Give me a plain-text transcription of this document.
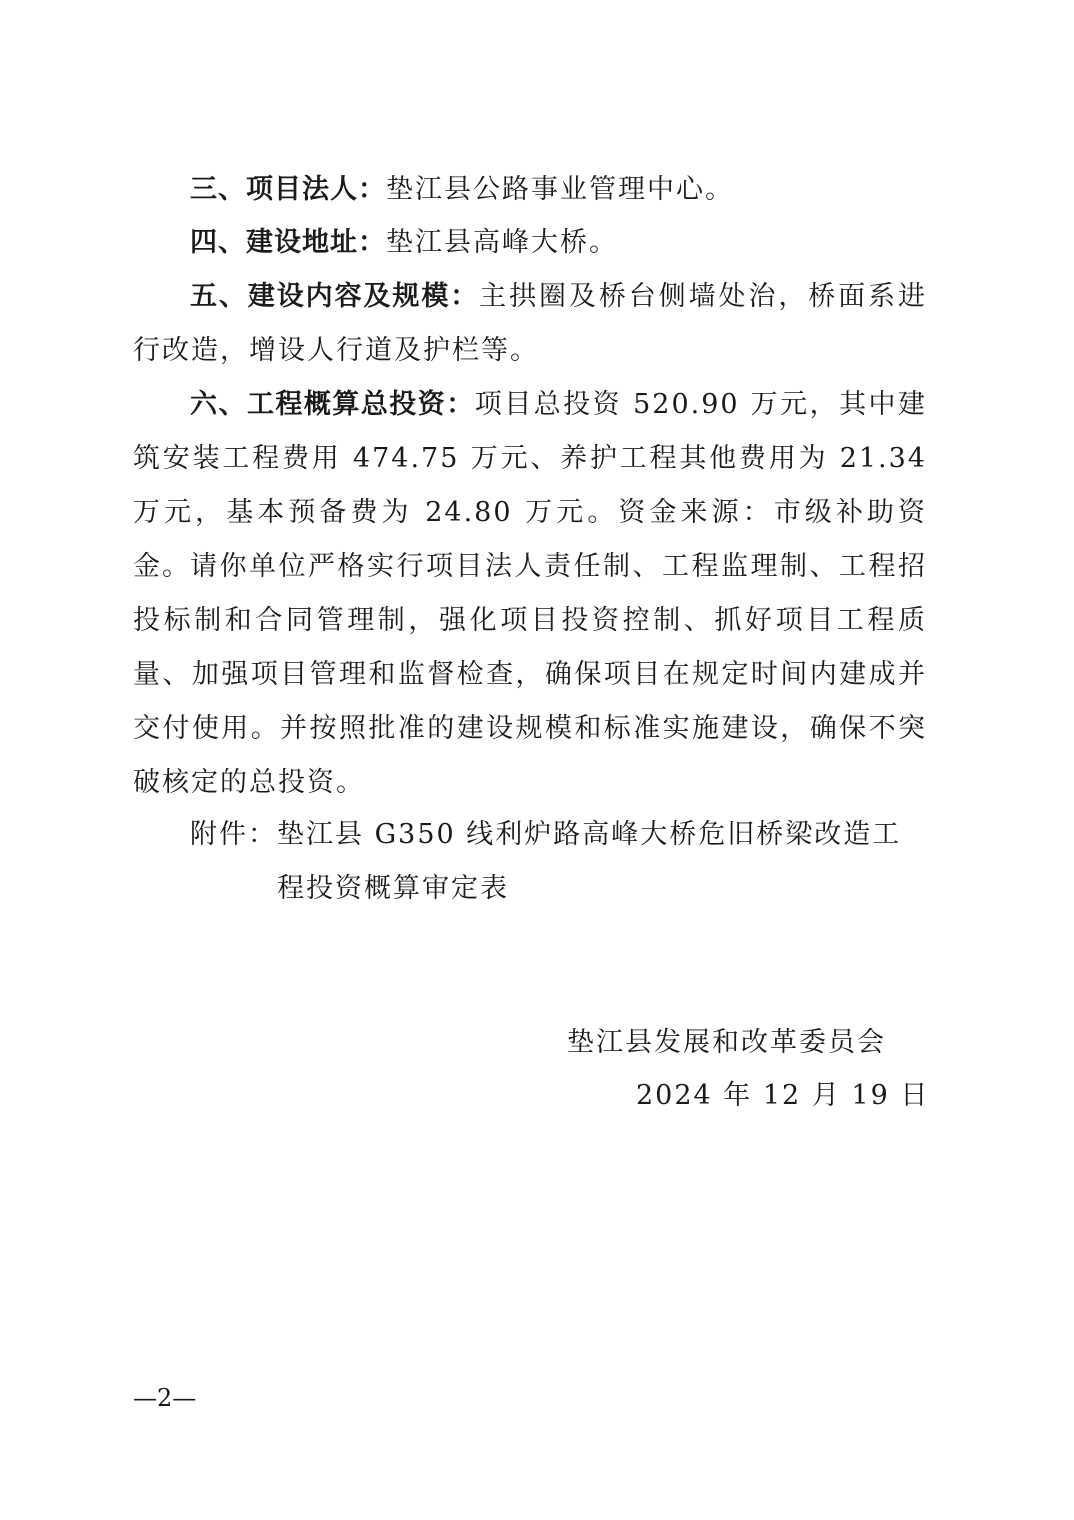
三、项目法人：垫江县公路事业管理中心。

四、建设地址：垫江县高峰大桥。

五、建设内容及规模：主拱圈及桥台侧墙处治，桥面系进行改造，增设人行道及护栏等。

六、工程概算总投资：项目总投资 520.90 万元，其中建筑安装工程费用 474.75 万元、养护工程其他费用为 21.34 万元，基本预备费为 24.80 万元。资金来源：市级补助资金。 请你单位严格实行项目法人责任制、工程监理制、工程招投标制和合同管理制，强化项目投资控制、抓好项目工程质量、加强项目管理和监督检查，确保项目在规定时间内建成并交付使用。并按照批准的建设规模和标准实施建设，确保不突破核定的总投资。

附件： 垫江县 G350 线利炉路高峰大桥危旧桥梁改造工程投资概算审定表
垫江县发展和改革委员会
2024 年 12 月 19 日
—2—
